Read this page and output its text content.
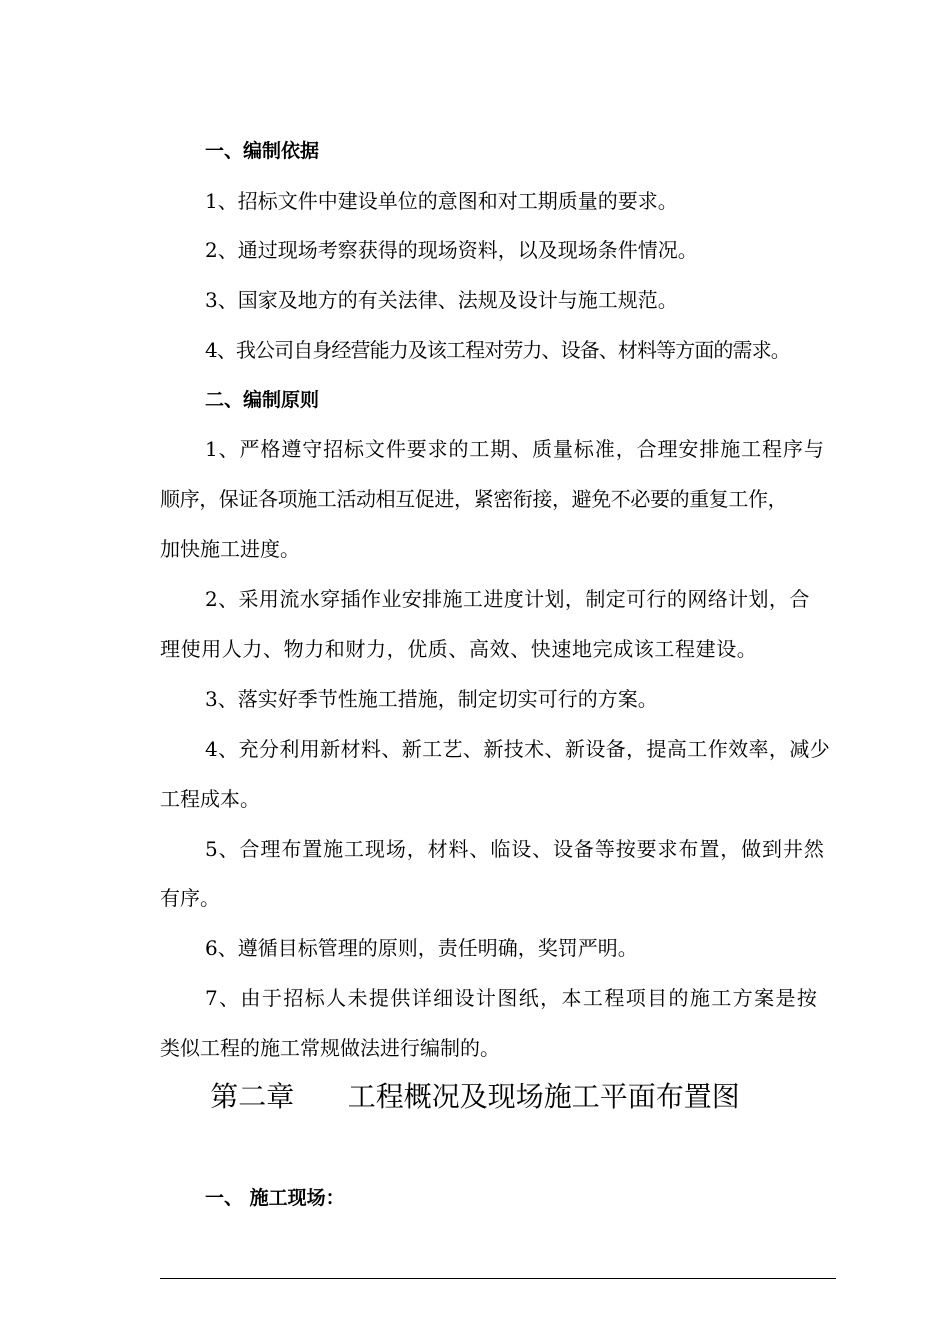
一、编制依据
1、招标文件中建设单位的意图和对工期质量的要求。
2、通过现场考察获得的现场资料，以及现场条件情况。
3、国家及地方的有关法律、法规及设计与施工规范。
4、我公司自身经营能力及该工程对劳力、设备、材料等方面的需求。
二、编制原则
1、严格遵守招标文件要求的工期、质量标准，合理安排施工程序与
顺序，保证各项施工活动相互促进，紧密衔接，避免不必要的重复工作，
加快施工进度。
2、采用流水穿插作业安排施工进度计划，制定可行的网络计划，合
理使用人力、物力和财力，优质、高效、快速地完成该工程建设。
3、落实好季节性施工措施，制定切实可行的方案。
4、充分利用新材料、新工艺、新技术、新设备，提高工作效率，减少
工程成本。
5、合理布置施工现场，材料、临设、设备等按要求布置，做到井然
有序。
6、遵循目标管理的原则，责任明确，奖罚严明。
7、由于招标人未提供详细设计图纸，本工程项目的施工方案是按
类似工程的施工常规做法进行编制的。
第二章      工程概况及现场施工平面布置图
一、 施工现场：
